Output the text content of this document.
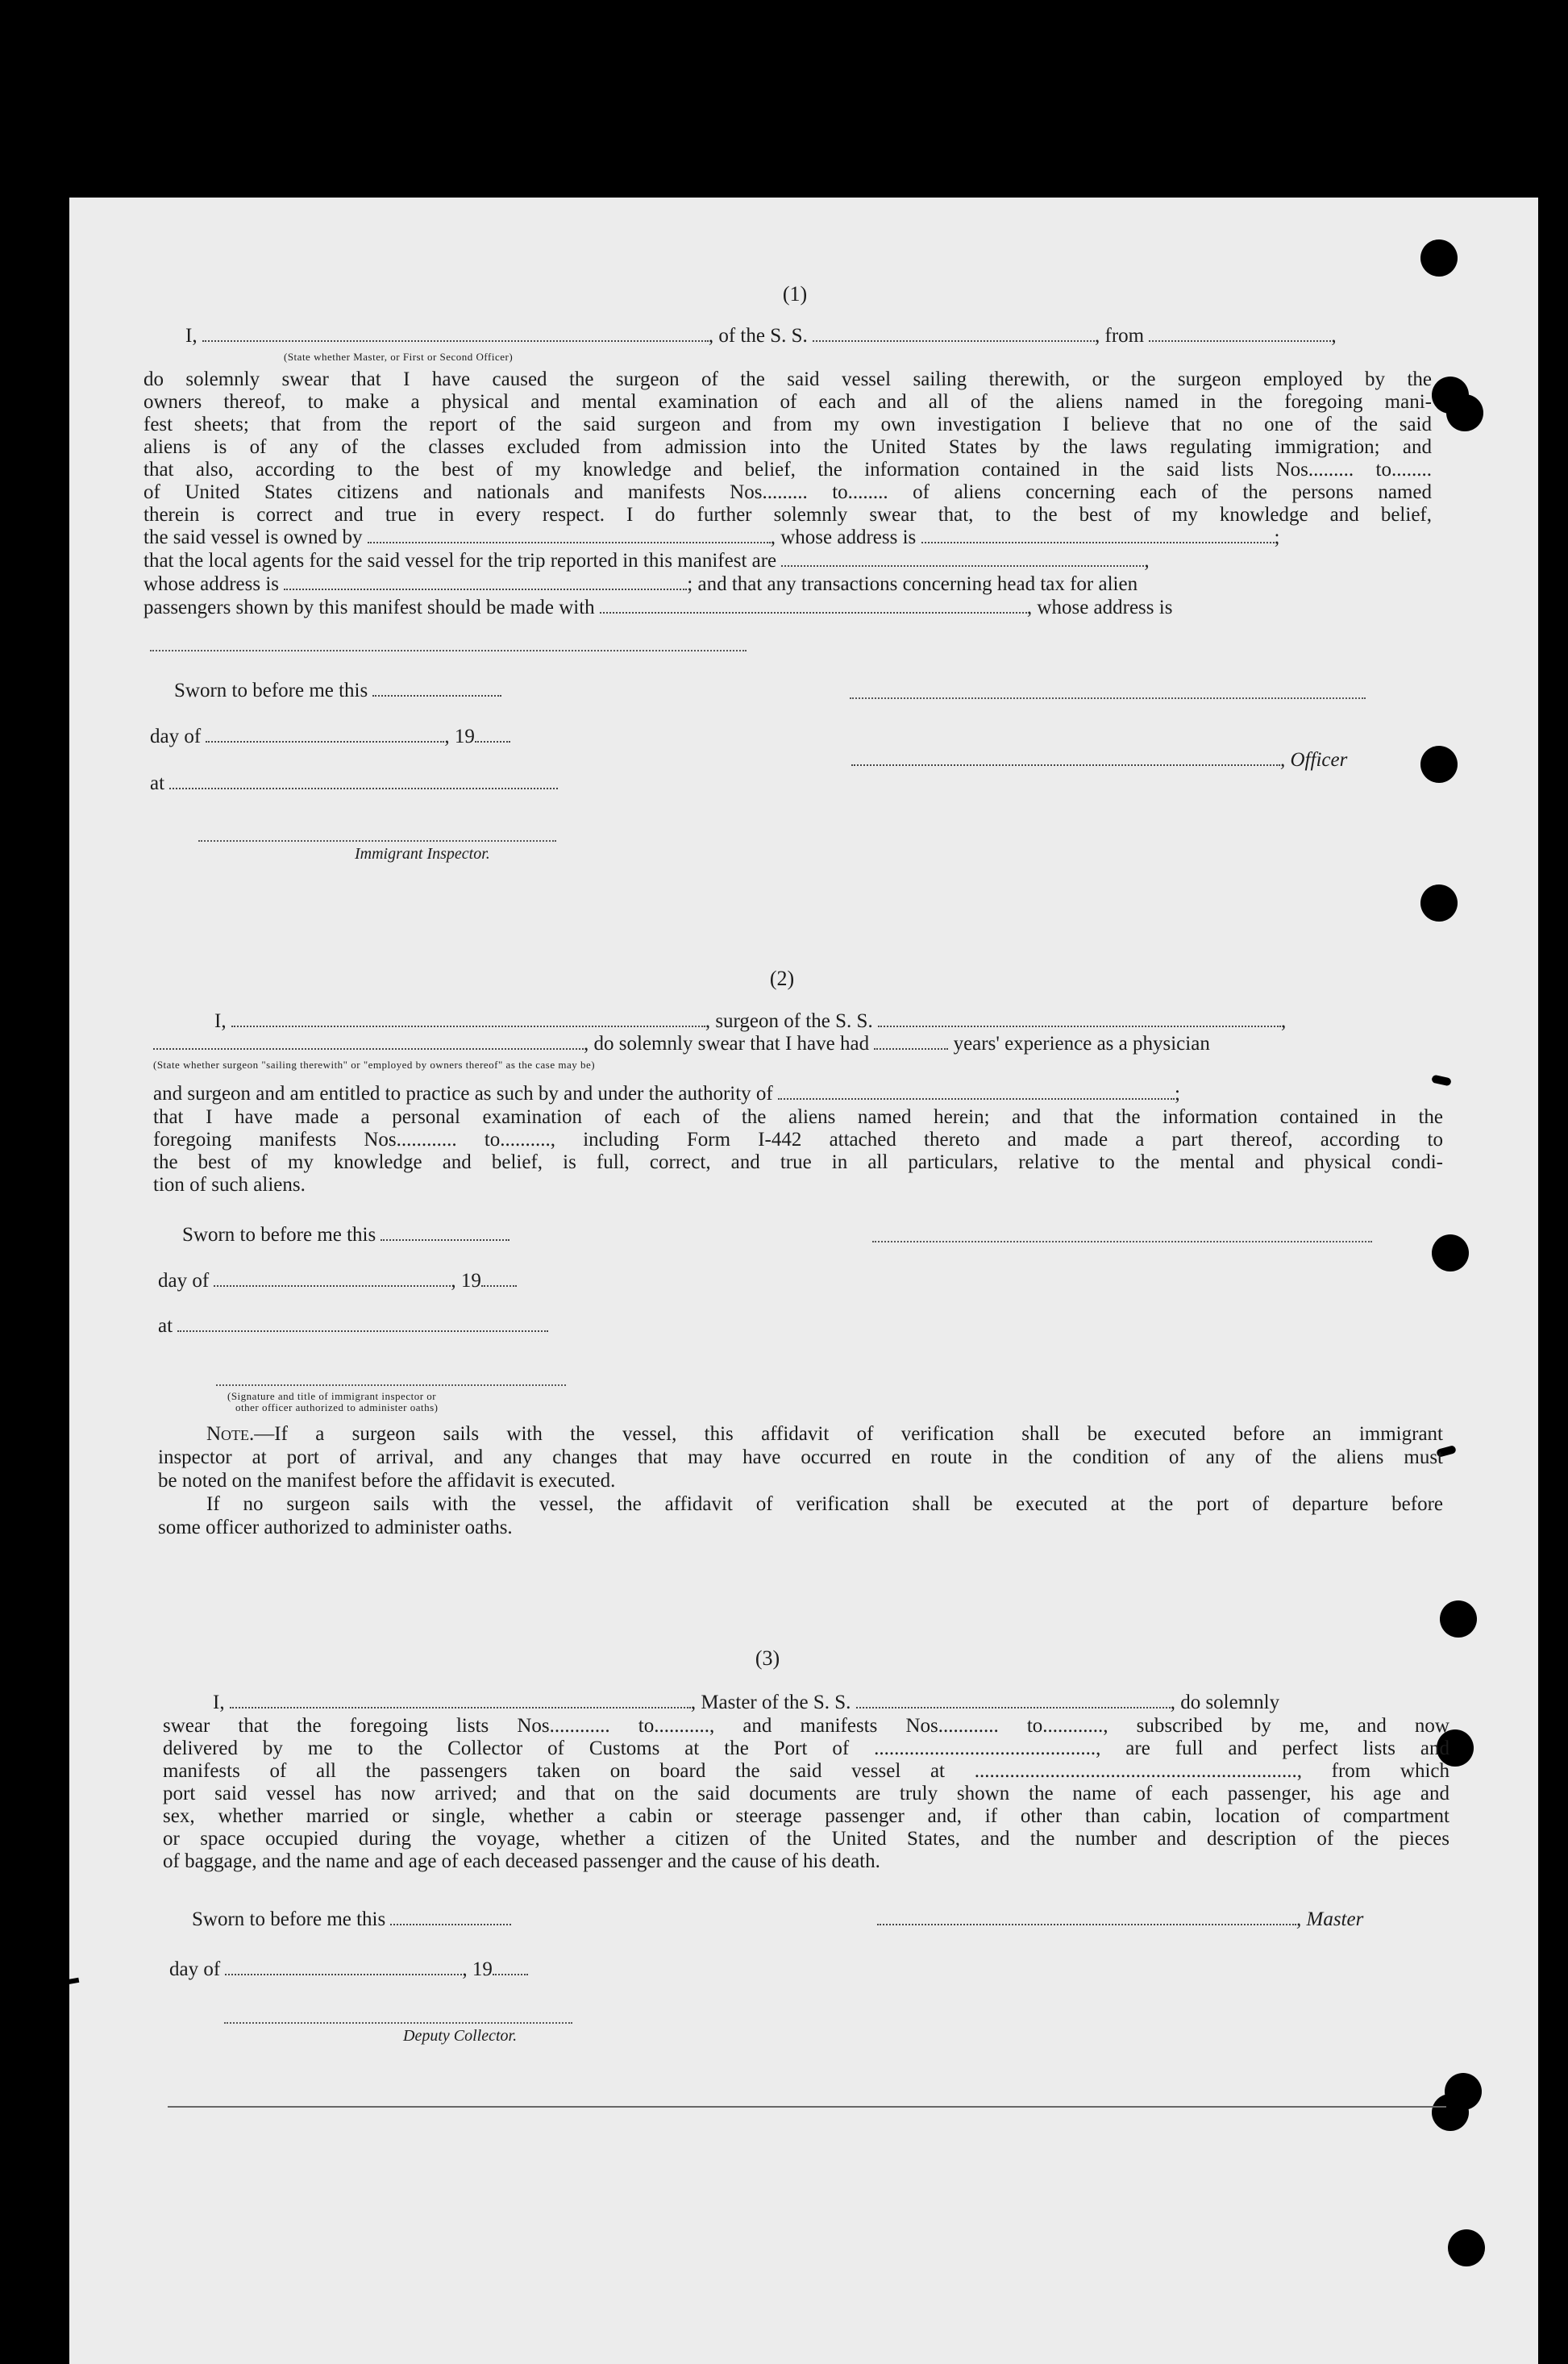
(1)
I,	, of the S. S.	, from	,
(State whether Master, or First or Second Officer)
do solemnly swear that I have caused the surgeon of the said vessel sailing therewith, or the surgeon employed by the
owners thereof, to make a physical and mental examination of each and all of the aliens named in the foregoing mani-
fest sheets; that from the report of the said surgeon and from my own investigation I believe that no one of the said
aliens is of any of the classes excluded from admission into the United States by the laws regulating immigration; and
that also, according to the best of my knowledge and belief, the information contained in the said lists Nos......... to........
of United States citizens and nationals and manifests Nos......... to........ of aliens concerning each of the persons named
therein is correct and true in every respect. I do further solemnly swear that, to the best of my knowledge and belief,
the said vessel is owned by	, whose address is	;
that the local agents for the said vessel for the trip reported in this manifest are	,
whose address is	; and that any transactions concerning head tax for alien
passengers shown by this manifest should be made with	, whose address is
Sworn to before me this
day of	, 19
, Officer
at
Immigrant Inspector.
(2)
I,	, surgeon of the S. S.	,
, do solemnly swear that I have had	years' experience as a physician
(State whether surgeon "sailing therewith" or "employed by owners thereof" as the case may be)
and surgeon and am entitled to practice as such by and under the authority of	;
that I have made a personal examination of each of the aliens named herein; and that the information contained in the
foregoing manifests Nos............ to.........., including Form I-442 attached thereto and made a part thereof, according to
the best of my knowledge and belief, is full, correct, and true in all particulars, relative to the mental and physical condi-
tion of such aliens.
Sworn to before me this
day of	, 19
at
(Signature and title of immigrant inspector or
other officer authorized to administer oaths)
Note.—If a surgeon sails with the vessel, this affidavit of verification shall be executed before an immigrant
inspector at port of arrival, and any changes that may have occurred en route in the condition of any of the aliens must
be noted on the manifest before the affidavit is executed.
If no surgeon sails with the vessel, the affidavit of verification shall be executed at the port of departure before
some officer authorized to administer oaths.
(3)
I,	, Master of the S. S.	, do solemnly
swear that the foregoing lists Nos............ to..........., and manifests Nos............ to............, subscribed by me, and now
delivered by me to the Collector of Customs at the Port of ............................................, are full and perfect lists and
manifests of all the passengers taken on board the said vessel at ................................................................, from which
port said vessel has now arrived; and that on the said documents are truly shown the name of each passenger, his age and
sex, whether married or single, whether a cabin or steerage passenger and, if other than cabin, location of compartment
or space occupied during the voyage, whether a citizen of the United States, and the number and description of the pieces
of baggage, and the name and age of each deceased passenger and the cause of his death.
Sworn to before me this	, Master
day of	, 19
Deputy Collector.
